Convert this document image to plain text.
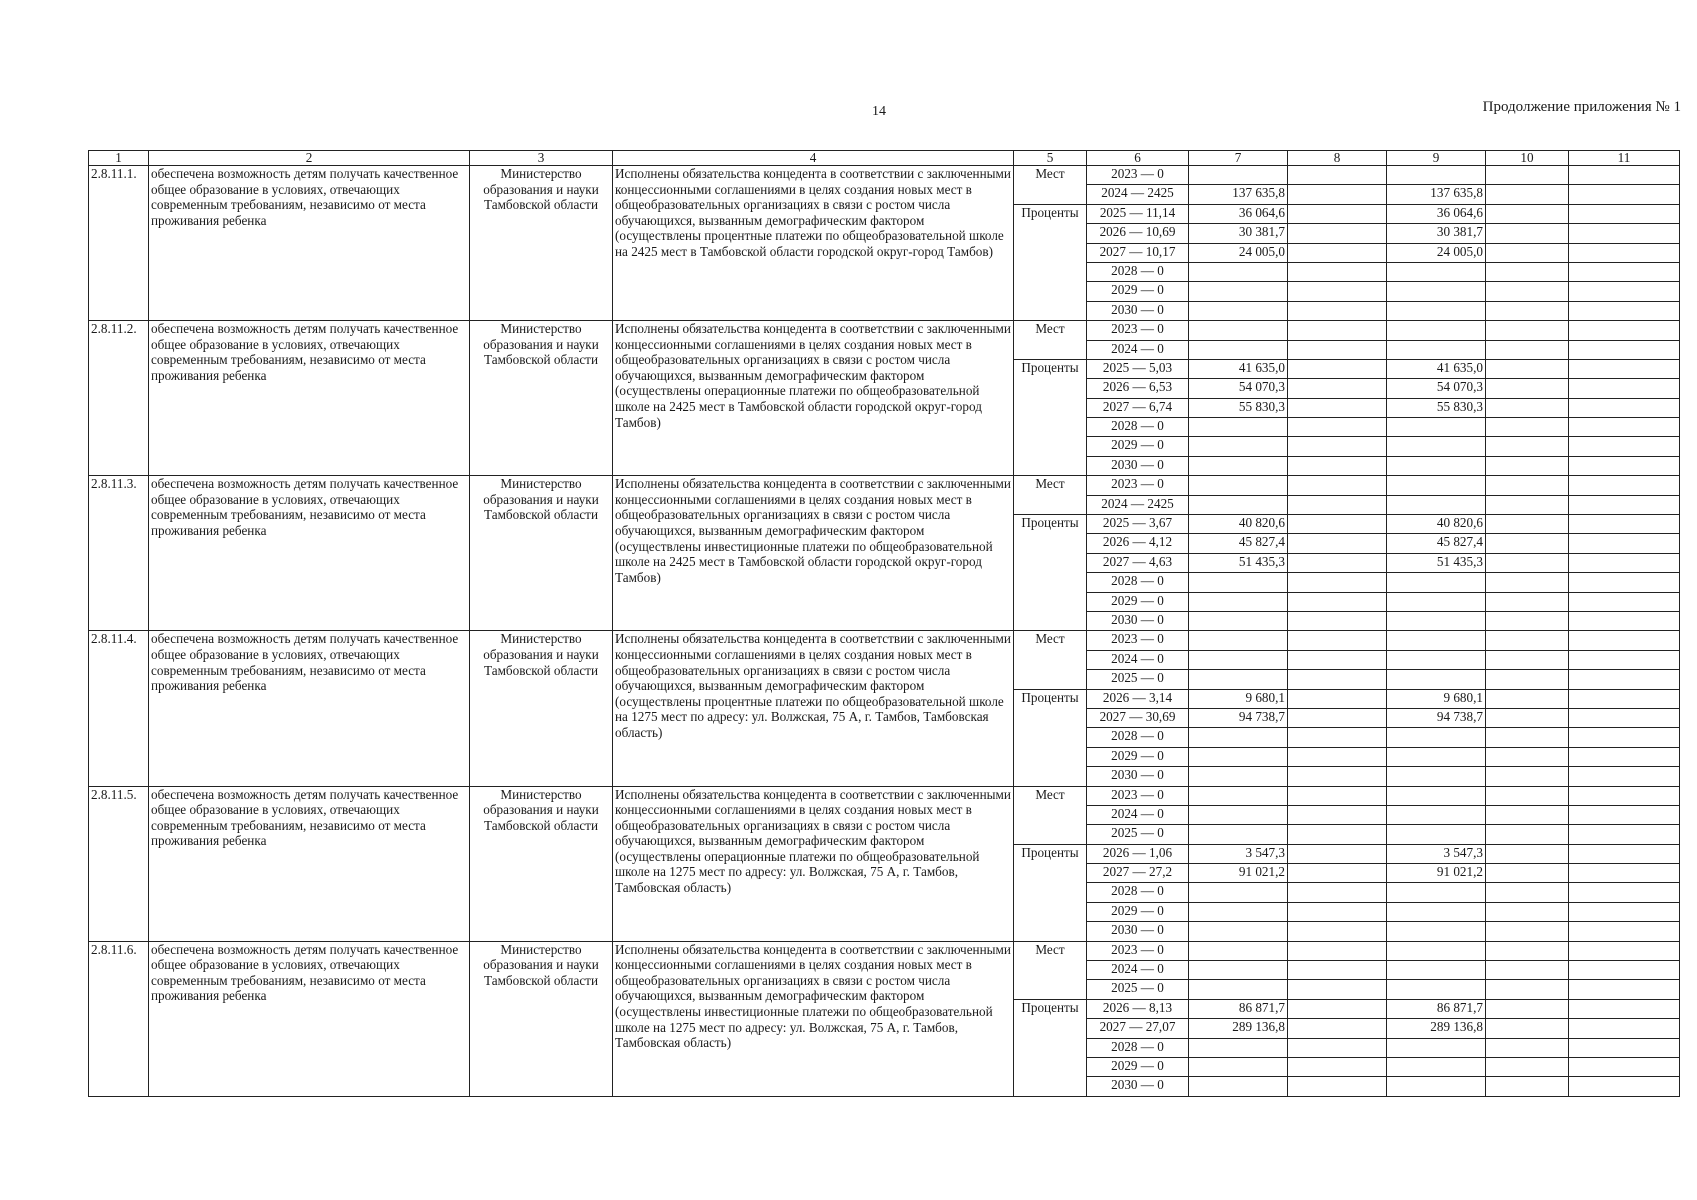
14	Продолжение приложения № 1
1	2	3	4	5	6	7	8	9	10	11
2.8.11.1.	обеспечена возможность детям получать качественное общее образование в условиях, отвечающих современным требованиям, независимо от места проживания ребенка	Министерство образования и науки Тамбовской области	Исполнены обязательства концедента в соответствии с заключенными концессионными соглашениями в целях создания новых мест в общеобразовательных организациях в связи с ростом числа обучающихся, вызванным демографическим фактором (осуществлены процентные платежи по общеобразовательной школе на 2425 мест в Тамбовской области городской округ-город Тамбов)	Мест	2023 — 0					
					2024 — 2425	137 635,8		137 635,8		
				Проценты	2025 — 11,14	36 064,6		36 064,6		
					2026 — 10,69	30 381,7		30 381,7		
					2027 — 10,17	24 005,0		24 005,0		
					2028 — 0					
					2029 — 0					
					2030 — 0					
2.8.11.2.	обеспечена возможность детям получать качественное общее образование в условиях, отвечающих современным требованиям, независимо от места проживания ребенка	Министерство образования и науки Тамбовской области	Исполнены обязательства концедента в соответствии с заключенными концессионными соглашениями в целях создания новых мест в общеобразовательных организациях в связи с ростом числа обучающихся, вызванным демографическим фактором (осуществлены операционные платежи по общеобразовательной школе на 2425 мест в Тамбовской области городской округ-город Тамбов)	Мест	2023 — 0					
					2024 — 0					
				Проценты	2025 — 5,03	41 635,0		41 635,0		
					2026 — 6,53	54 070,3		54 070,3		
					2027 — 6,74	55 830,3		55 830,3		
					2028 — 0					
					2029 — 0					
					2030 — 0					
2.8.11.3.	обеспечена возможность детям получать качественное общее образование в условиях, отвечающих современным требованиям, независимо от места проживания ребенка	Министерство образования и науки Тамбовской области	Исполнены обязательства концедента в соответствии с заключенными концессионными соглашениями в целях создания новых мест в общеобразовательных организациях в связи с ростом числа обучающихся, вызванным демографическим фактором (осуществлены инвестиционные платежи по общеобразовательной школе на 2425 мест в Тамбовской области городской округ-город Тамбов)	Мест	2023 — 0					
					2024 — 2425					
				Проценты	2025 — 3,67	40 820,6		40 820,6		
					2026 — 4,12	45 827,4		45 827,4		
					2027 — 4,63	51 435,3		51 435,3		
					2028 — 0					
					2029 — 0					
					2030 — 0					
2.8.11.4.	обеспечена возможность детям получать качественное общее образование в условиях, отвечающих современным требованиям, независимо от места проживания ребенка	Министерство образования и науки Тамбовской области	Исполнены обязательства концедента в соответствии с заключенными концессионными соглашениями в целях создания новых мест в общеобразовательных организациях в связи с ростом числа обучающихся, вызванным демографическим фактором (осуществлены процентные платежи по общеобразовательной школе на 1275 мест по адресу: ул. Волжская, 75 А, г. Тамбов, Тамбовская область)	Мест	2023 — 0					
					2024 — 0					
					2025 — 0					
				Проценты	2026 — 3,14	9 680,1		9 680,1		
					2027 — 30,69	94 738,7		94 738,7		
					2028 — 0					
					2029 — 0					
					2030 — 0					
2.8.11.5.	обеспечена возможность детям получать качественное общее образование в условиях, отвечающих современным требованиям, независимо от места проживания ребенка	Министерство образования и науки Тамбовской области	Исполнены обязательства концедента в соответствии с заключенными концессионными соглашениями в целях создания новых мест в общеобразовательных организациях в связи с ростом числа обучающихся, вызванным демографическим фактором (осуществлены операционные платежи по общеобразовательной школе на 1275 мест по адресу: ул. Волжская, 75 А, г. Тамбов, Тамбовская область)	Мест	2023 — 0					
					2024 — 0					
					2025 — 0					
				Проценты	2026 — 1,06	3 547,3		3 547,3		
					2027 — 27,2	91 021,2		91 021,2		
					2028 — 0					
					2029 — 0					
					2030 — 0					
2.8.11.6.	обеспечена возможность детям получать качественное общее образование в условиях, отвечающих современным требованиям, независимо от места проживания ребенка	Министерство образования и науки Тамбовской области	Исполнены обязательства концедента в соответствии с заключенными концессионными соглашениями в целях создания новых мест в общеобразовательных организациях в связи с ростом числа обучающихся, вызванным демографическим фактором (осуществлены инвестиционные платежи по общеобразовательной школе на 1275 мест по адресу: ул. Волжская, 75 А, г. Тамбов, Тамбовская область)	Мест	2023 — 0					
					2024 — 0					
					2025 — 0					
				Проценты	2026 — 8,13	86 871,7		86 871,7		
					2027 — 27,07	289 136,8		289 136,8		
					2028 — 0					
					2029 — 0					
					2030 — 0					
